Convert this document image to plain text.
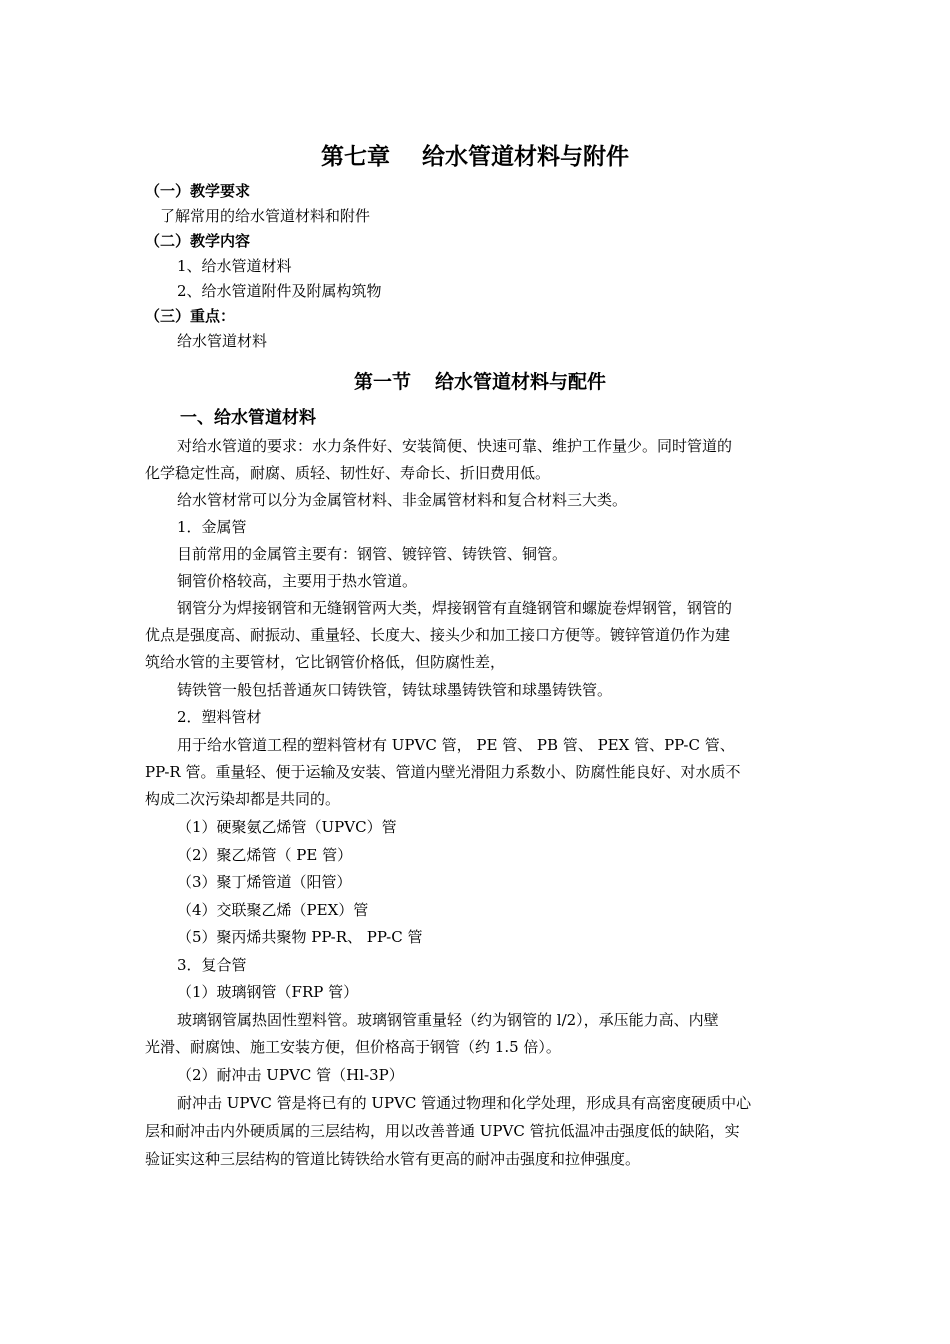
第七章 给水管道材料与附件
（一）教学要求
了解常用的给水管道材料和附件
（二）教学内容
1、给水管道材料
2、给水管道附件及附属构筑物
（三）重点：
给水管道材料
第一节 给水管道材料与配件
一、给水管道材料
对给水管道的要求：水力条件好、安装简便、快速可靠、维护工作量少。同时管道的
化学稳定性高，耐腐、质轻、韧性好、寿命长、折旧费用低。
给水管材常可以分为金属管材料、非金属管材料和复合材料三大类。
1．金属管
目前常用的金属管主要有：钢管、镀锌管、铸铁管、铜管。
铜管价格较高，主要用于热水管道。
钢管分为焊接钢管和无缝钢管两大类，焊接钢管有直缝钢管和螺旋卷焊钢管，钢管的
优点是强度高、耐振动、重量轻、长度大、接头少和加工接口方便等。镀锌管道仍作为建
筑给水管的主要管材，它比钢管价格低，但防腐性差，
铸铁管一般包括普通灰口铸铁管，铸钛球墨铸铁管和球墨铸铁管。
2．塑料管材
用于给水管道工程的塑料管材有 UPVC 管， PE 管、 PB 管、 PEX 管、PP-C 管、
PP-R 管。重量轻、便于运输及安装、管道内壁光滑阻力系数小、防腐性能良好、对水质不
构成二次污染却都是共同的。
（1）硬聚氨乙烯管（UPVC）管
（2）聚乙烯管（ PE 管）
（3）聚丁烯管道（阳管）
（4）交联聚乙烯（PEX）管
（5）聚丙烯共聚物 PP-R、 PP-C 管
3．复合管
（1）玻璃钢管（FRP 管）
玻璃钢管属热固性塑料管。玻璃钢管重量轻（约为钢管的 l/2），承压能力高、内壁
光滑、耐腐蚀、施工安装方便，但价格高于钢管（约 1.5 倍）。
（2）耐冲击 UPVC 管（Hl-3P）
耐冲击 UPVC 管是将已有的 UPVC 管通过物理和化学处理，形成具有高密度硬质中心
层和耐冲击内外硬质属的三层结构，用以改善普通 UPVC 管抗低温冲击强度低的缺陷，实
验证实这种三层结构的管道比铸铁给水管有更高的耐冲击强度和拉伸强度。
